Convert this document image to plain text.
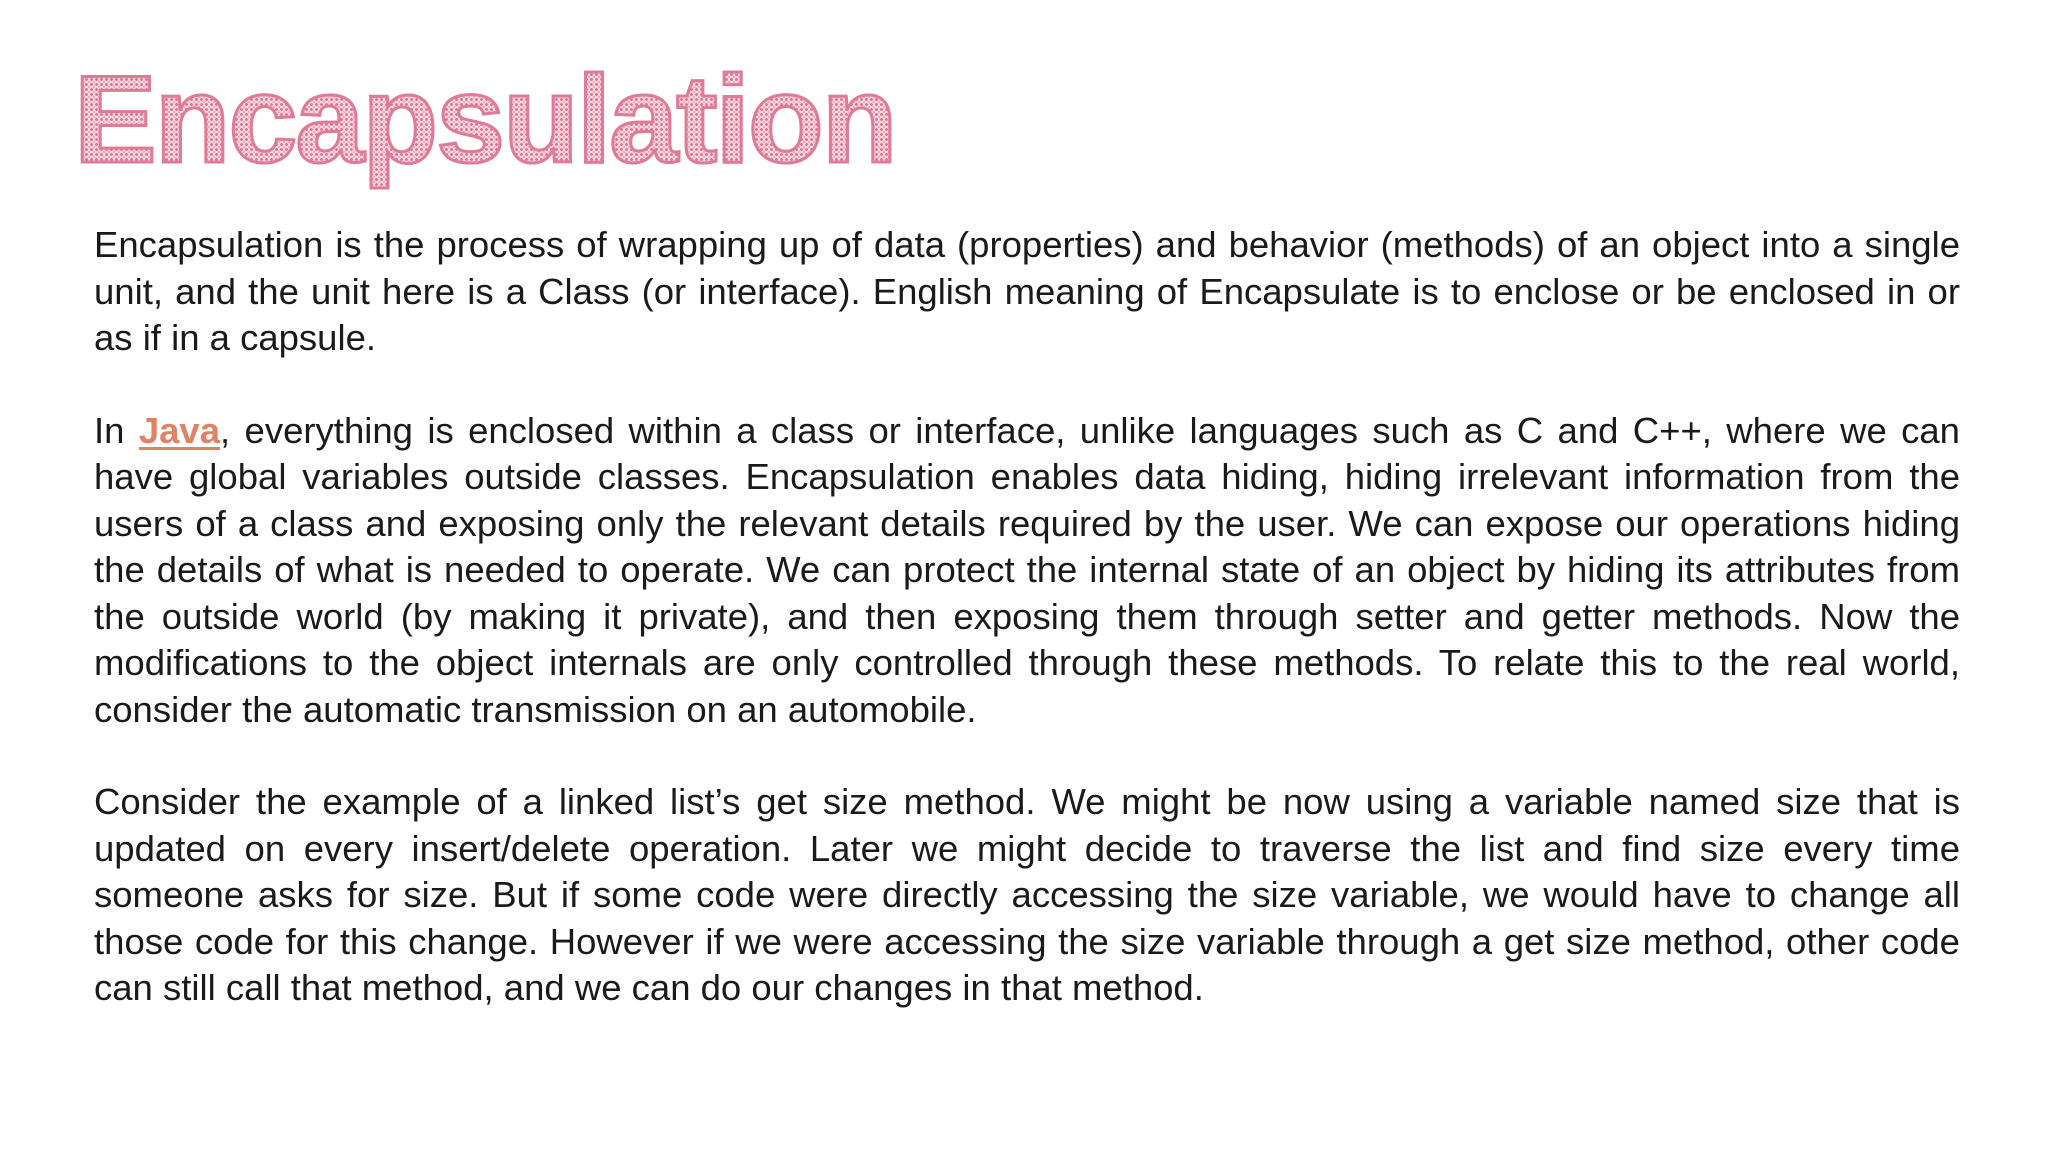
Encapsulation

Encapsulation is the process of wrapping up of data (properties) and behavior (methods) of an object into a single unit, and the unit here is a Class (or interface). English meaning of Encapsulate is to enclose or be enclosed in or as if in a capsule.

In Java, everything is enclosed within a class or interface, unlike languages such as C and C++, where we can have global variables outside classes. Encapsulation enables data hiding, hiding irrelevant information from the users of a class and exposing only the relevant details required by the user. We can expose our operations hiding the details of what is needed to operate. We can protect the internal state of an object by hiding its attributes from the outside world (by making it private), and then exposing them through setter and getter methods. Now the modifications to the object internals are only controlled through these methods. To relate this to the real world, consider the automatic transmission on an automobile.

Consider the example of a linked list’s get size method. We might be now using a variable named size that is updated on every insert/delete operation. Later we might decide to traverse the list and find size every time someone asks for size. But if some code were directly accessing the size variable, we would have to change all those code for this change. However if we were accessing the size variable through a get size method, other code can still call that method, and we can do our changes in that method.
